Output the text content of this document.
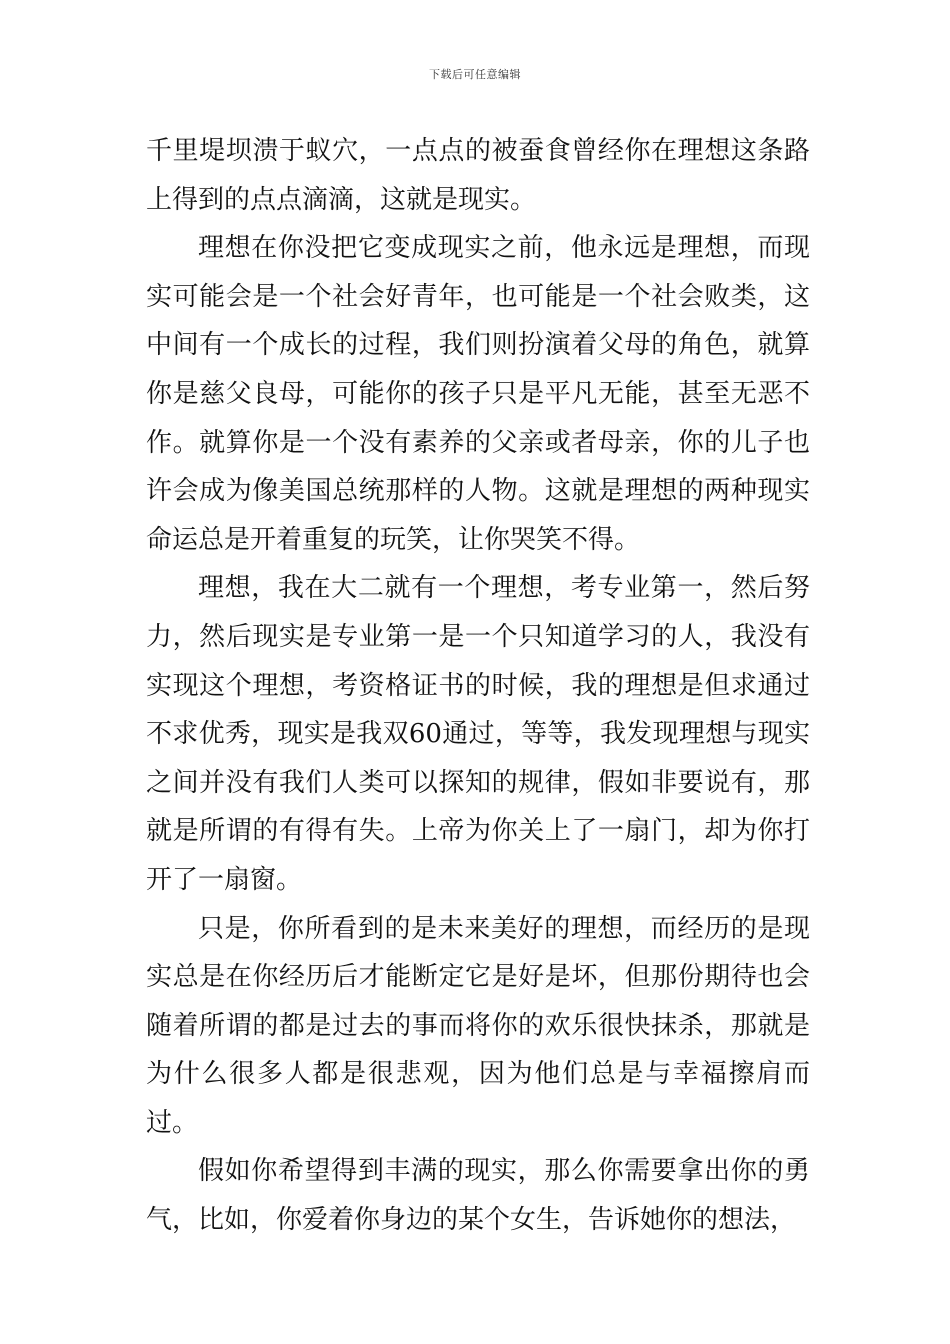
下载后可任意编辑

千里堤坝溃于蚁穴，一点点的被蚕食曾经你在理想这条路上得到的点点滴滴，这就是现实。

理想在你没把它变成现实之前，他永远是理想，而现实可能会是一个社会好青年，也可能是一个社会败类，这中间有一个成长的过程，我们则扮演着父母的角色，就算你是慈父良母，可能你的孩子只是平凡无能，甚至无恶不作。就算你是一个没有素养的父亲或者母亲，你的儿子也许会成为像美国总统那样的人物。这就是理想的两种现实命运总是开着重复的玩笑，让你哭笑不得。

理想，我在大二就有一个理想，考专业第一，然后努力，然后现实是专业第一是一个只知道学习的人，我没有实现这个理想，考资格证书的时候，我的理想是但求通过不求优秀，现实是我双60通过，等等，我发现理想与现实之间并没有我们人类可以探知的规律，假如非要说有，那就是所谓的有得有失。上帝为你关上了一扇门，却为你打开了一扇窗。

只是，你所看到的是未来美好的理想，而经历的是现实总是在你经历后才能断定它是好是坏，但那份期待也会随着所谓的都是过去的事而将你的欢乐很快抹杀，那就是为什么很多人都是很悲观，因为他们总是与幸福擦肩而过。

假如你希望得到丰满的现实，那么你需要拿出你的勇气，比如，你爱着你身边的某个女生，告诉她你的想法，
